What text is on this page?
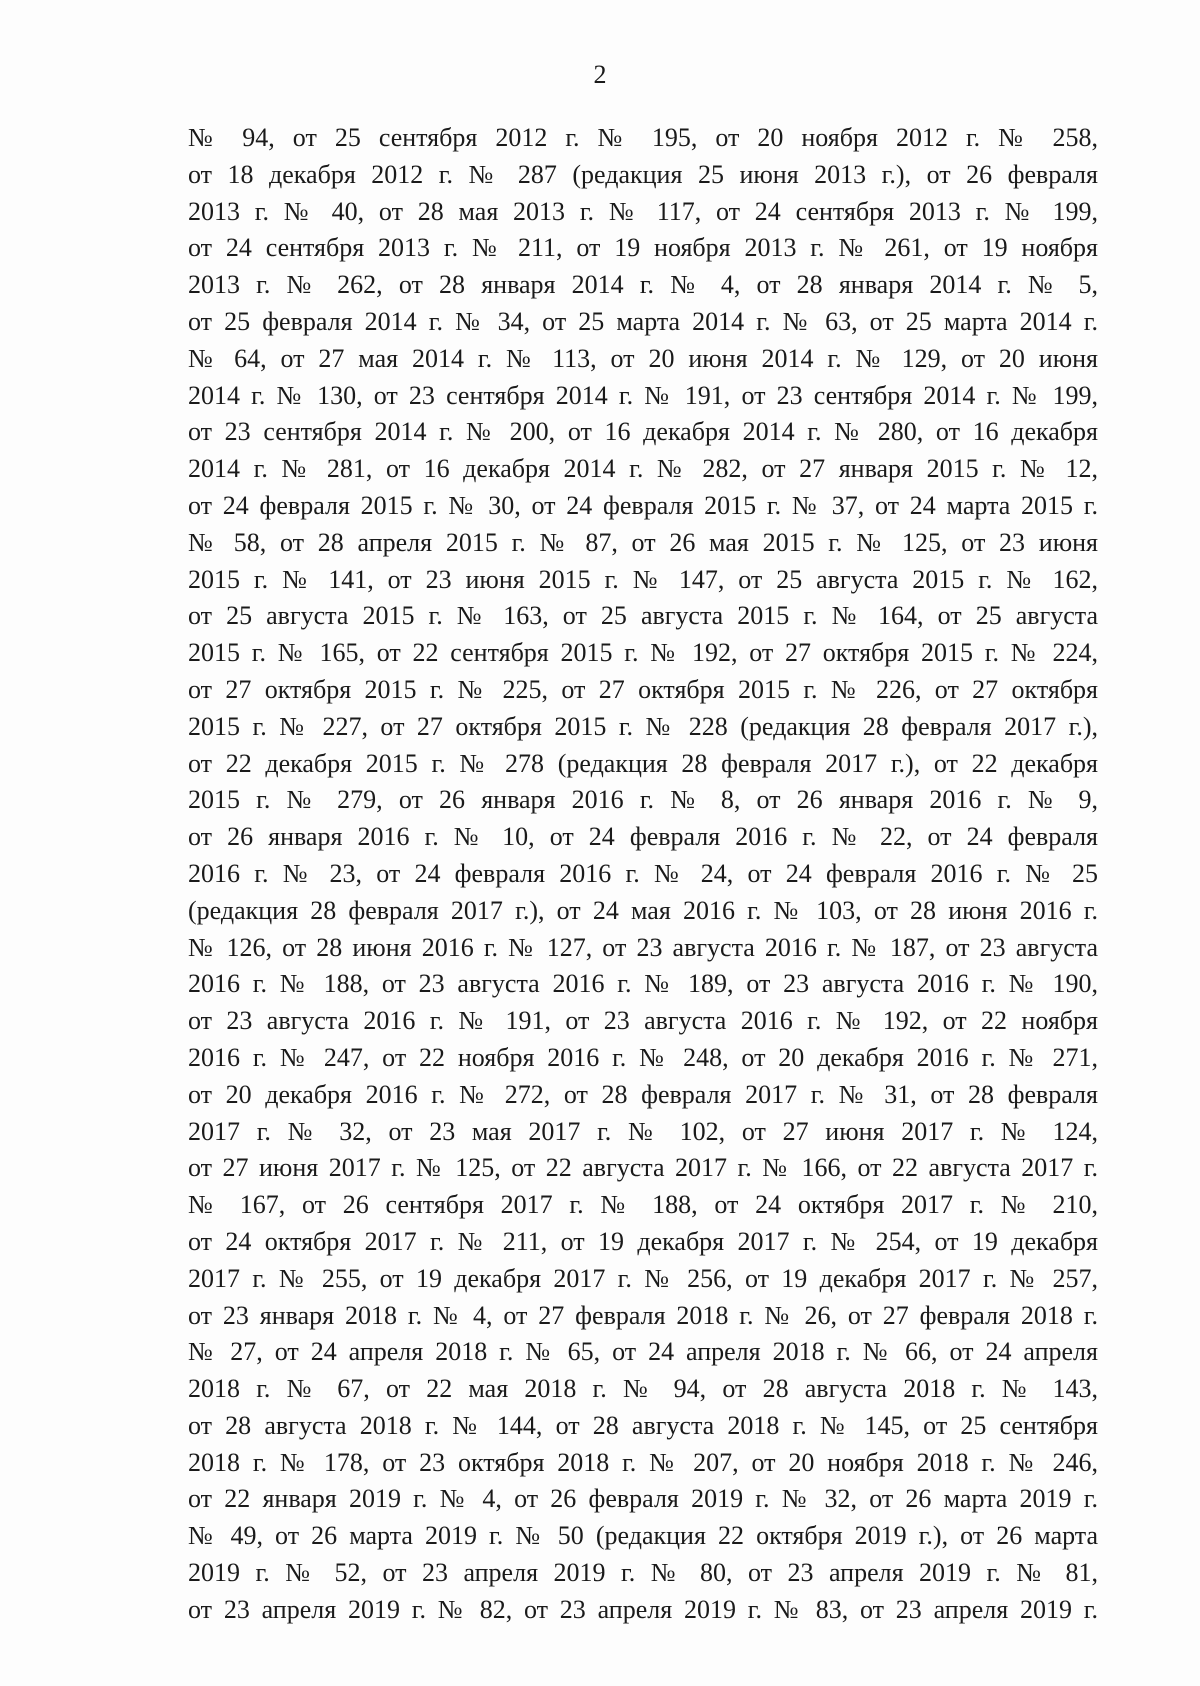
2
№ 94, от 25 сентября 2012 г. № 195, от 20 ноября 2012 г. № 258,
от 18 декабря 2012 г. № 287 (редакция 25 июня 2013 г.), от 26 февраля
2013 г. № 40, от 28 мая 2013 г. № 117, от 24 сентября 2013 г. № 199,
от 24 сентября 2013 г. № 211, от 19 ноября 2013 г. № 261, от 19 ноября
2013 г. № 262, от 28 января 2014 г. № 4, от 28 января 2014 г. № 5,
от 25 февраля 2014 г. № 34, от 25 марта 2014 г. № 63, от 25 марта 2014 г.
№ 64, от 27 мая 2014 г. № 113, от 20 июня 2014 г. № 129, от 20 июня
2014 г. № 130, от 23 сентября 2014 г. № 191, от 23 сентября 2014 г. № 199,
от 23 сентября 2014 г. № 200, от 16 декабря 2014 г. № 280, от 16 декабря
2014 г. № 281, от 16 декабря 2014 г. № 282, от 27 января 2015 г. № 12,
от 24 февраля 2015 г. № 30, от 24 февраля 2015 г. № 37, от 24 марта 2015 г.
№ 58, от 28 апреля 2015 г. № 87, от 26 мая 2015 г. № 125, от 23 июня
2015 г. № 141, от 23 июня 2015 г. № 147, от 25 августа 2015 г. № 162,
от 25 августа 2015 г. № 163, от 25 августа 2015 г. № 164, от 25 августа
2015 г. № 165, от 22 сентября 2015 г. № 192, от 27 октября 2015 г. № 224,
от 27 октября 2015 г. № 225, от 27 октября 2015 г. № 226, от 27 октября
2015 г. № 227, от 27 октября 2015 г. № 228 (редакция 28 февраля 2017 г.),
от 22 декабря 2015 г. № 278 (редакция 28 февраля 2017 г.), от 22 декабря
2015 г. № 279, от 26 января 2016 г. № 8, от 26 января 2016 г. № 9,
от 26 января 2016 г. № 10, от 24 февраля 2016 г. № 22, от 24 февраля
2016 г. № 23, от 24 февраля 2016 г. № 24, от 24 февраля 2016 г. № 25
(редакция 28 февраля 2017 г.), от 24 мая 2016 г. № 103, от 28 июня 2016 г.
№ 126, от 28 июня 2016 г. № 127, от 23 августа 2016 г. № 187, от 23 августа
2016 г. № 188, от 23 августа 2016 г. № 189, от 23 августа 2016 г. № 190,
от 23 августа 2016 г. № 191, от 23 августа 2016 г. № 192, от 22 ноября
2016 г. № 247, от 22 ноября 2016 г. № 248, от 20 декабря 2016 г. № 271,
от 20 декабря 2016 г. № 272, от 28 февраля 2017 г. № 31, от 28 февраля
2017 г. № 32, от 23 мая 2017 г. № 102, от 27 июня 2017 г. № 124,
от 27 июня 2017 г. № 125, от 22 августа 2017 г. № 166, от 22 августа 2017 г.
№ 167, от 26 сентября 2017 г. № 188, от 24 октября 2017 г. № 210,
от 24 октября 2017 г. № 211, от 19 декабря 2017 г. № 254, от 19 декабря
2017 г. № 255, от 19 декабря 2017 г. № 256, от 19 декабря 2017 г. № 257,
от 23 января 2018 г. № 4, от 27 февраля 2018 г. № 26, от 27 февраля 2018 г.
№ 27, от 24 апреля 2018 г. № 65, от 24 апреля 2018 г. № 66, от 24 апреля
2018 г. № 67, от 22 мая 2018 г. № 94, от 28 августа 2018 г. № 143,
от 28 августа 2018 г. № 144, от 28 августа 2018 г. № 145, от 25 сентября
2018 г. № 178, от 23 октября 2018 г. № 207, от 20 ноября 2018 г. № 246,
от 22 января 2019 г. № 4, от 26 февраля 2019 г. № 32, от 26 марта 2019 г.
№ 49, от 26 марта 2019 г. № 50 (редакция 22 октября 2019 г.), от 26 марта
2019 г. № 52, от 23 апреля 2019 г. № 80, от 23 апреля 2019 г. № 81,
от 23 апреля 2019 г. № 82, от 23 апреля 2019 г. № 83, от 23 апреля 2019 г.
